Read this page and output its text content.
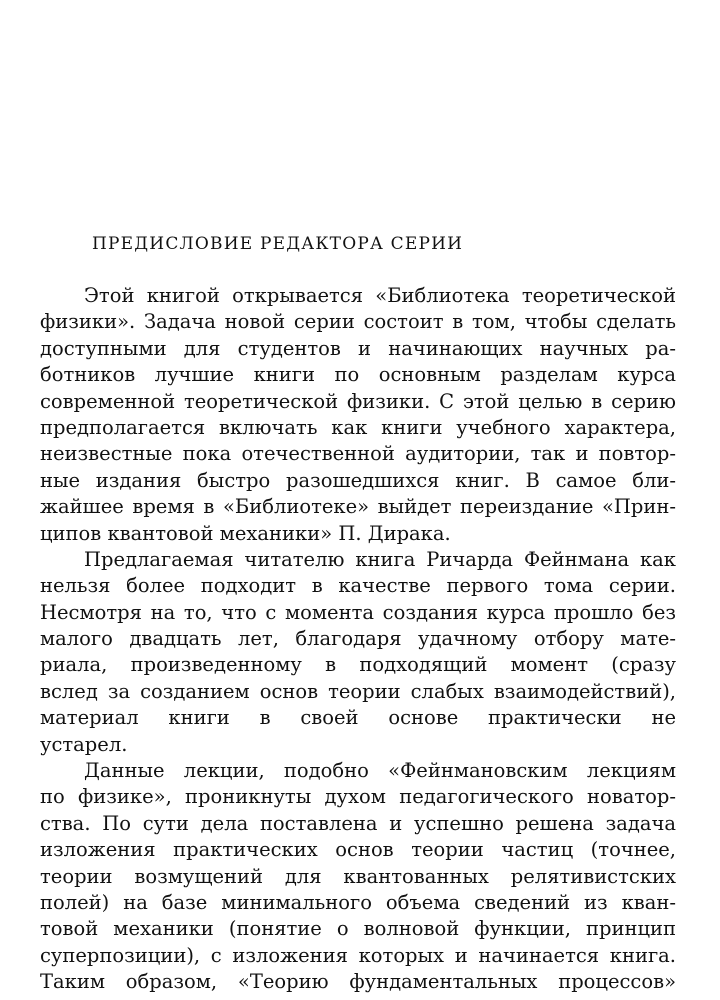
ПРЕДИСЛОВИЕ РЕДАКТОРА СЕРИИ
Этой книгой открывается «Библиотека теоретической
физики». Задача новой серии состоит в том, чтобы сделать
доступными для студентов и начинающих научных ра-
ботников лучшие книги по основным разделам курса
современной теоретической физики. С этой целью в серию
предполагается включать как книги учебного характера,
неизвестные пока отечественной аудитории, так и повтор-
ные издания быстро разошедшихся книг. В самое бли-
жайшее время в «Библиотеке» выйдет переиздание «Прин-
ципов квантовой механики» П. Дирака.
Предлагаемая читателю книга Ричарда Фейнмана как
нельзя более подходит в качестве первого тома серии.
Несмотря на то, что с момента создания курса прошло без
малого двадцать лет, благодаря удачному отбору мате-
риала, произведенному в подходящий момент (сразу
вслед за созданием основ теории слабых взаимодействий),
материал книги в своей основе практически не
устарел.
Данные лекции, подобно «Фейнмановским лекциям
по физике», проникнуты духом педагогического новатор-
ства. По сути дела поставлена и успешно решена задача
изложения практических основ теории частиц (точнее,
теории возмущений для квантованных релятивистских
полей) на базе минимального объема сведений из кван-
товой механики (понятие о волновой функции, принцип
суперпозиции), с изложения которых и начинается книга.
Таким образом, «Теорию фундаментальных процессов»
